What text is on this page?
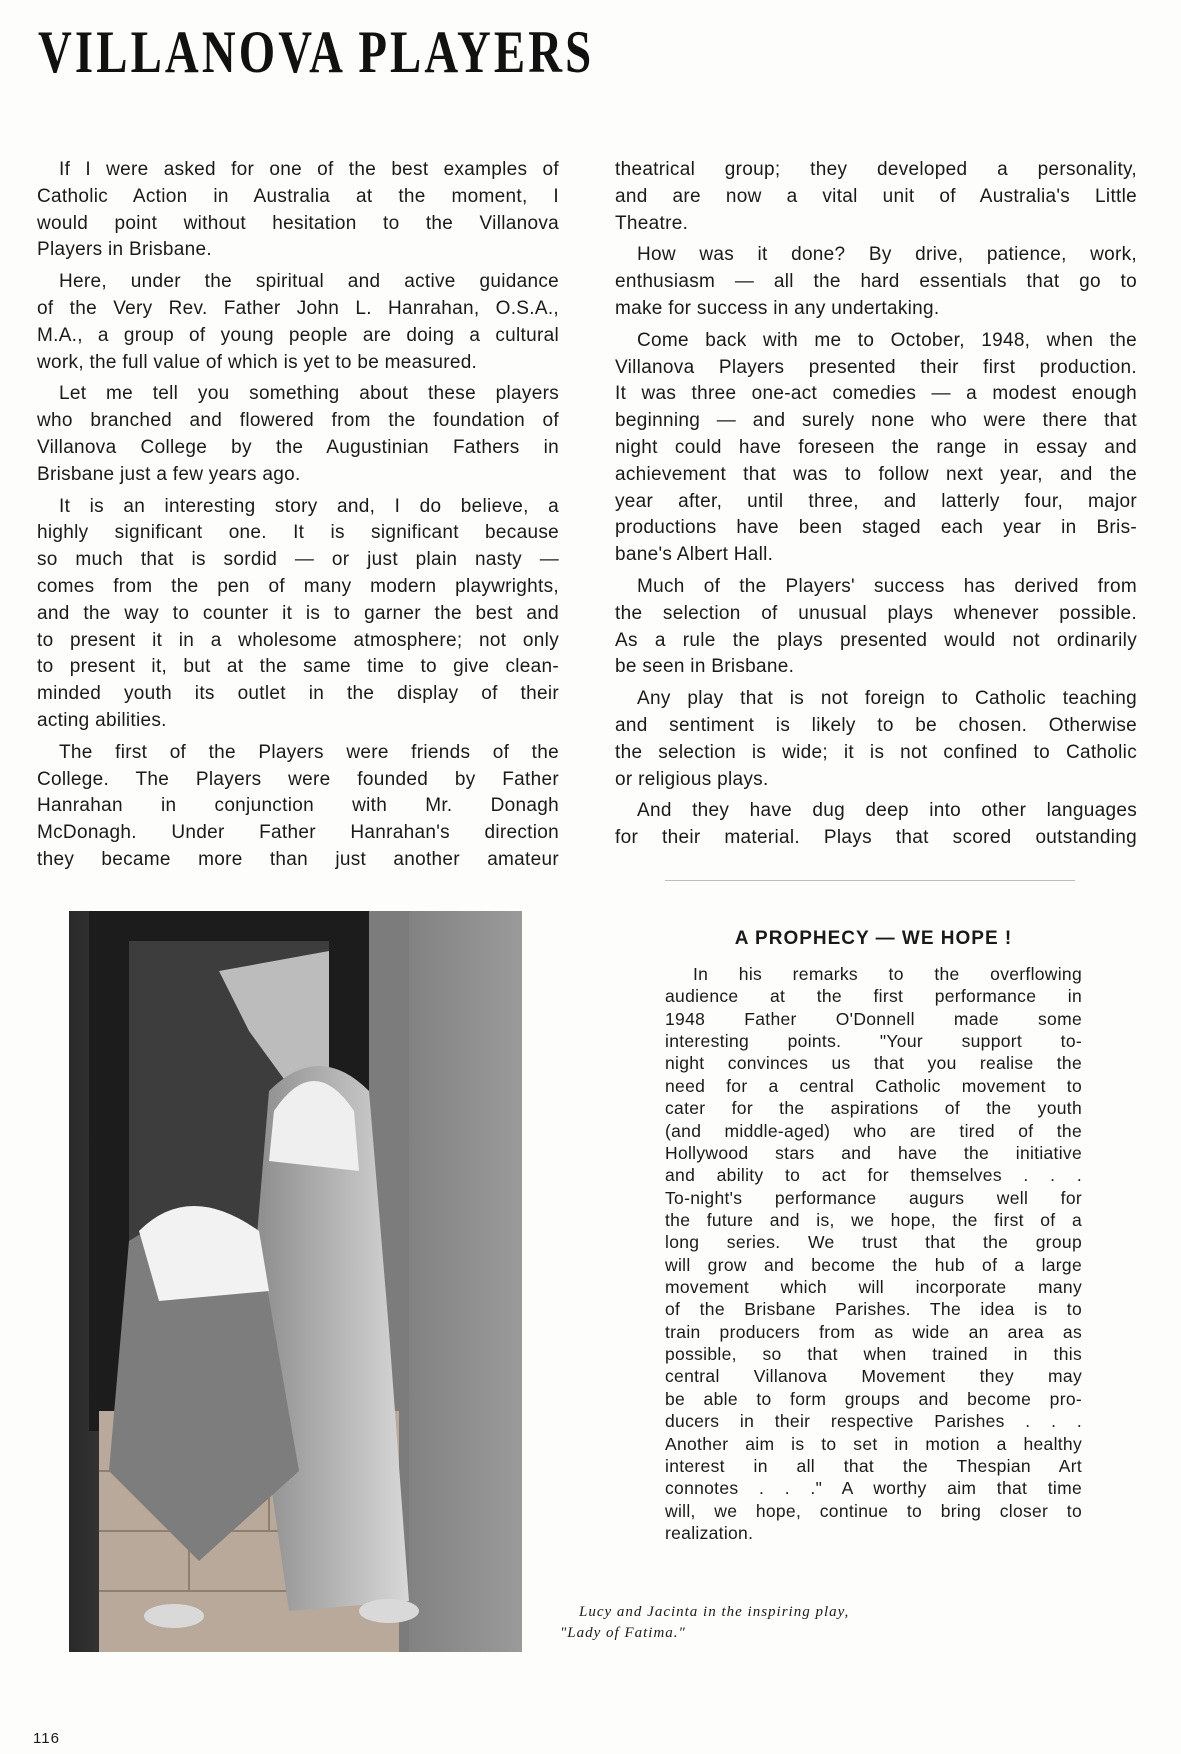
VILLANOVA PLAYERS
If I were asked for one of the best examples of
Catholic Action in Australia at the moment, I
would point without hesitation to the Villanova
Players in Brisbane.
Here, under the spiritual and active guidance
of the Very Rev. Father John L. Hanrahan, O.S.A.,
M.A., a group of young people are doing a cultural
work, the full value of which is yet to be measured.
Let me tell you something about these players
who branched and flowered from the foundation of
Villanova College by the Augustinian Fathers in
Brisbane just a few years ago.
It is an interesting story and, I do believe, a
highly significant one. It is significant because
so much that is sordid — or just plain nasty —
comes from the pen of many modern playwrights,
and the way to counter it is to garner the best and
to present it in a wholesome atmosphere; not only
to present it, but at the same time to give clean-
minded youth its outlet in the display of their
acting abilities.
The first of the Players were friends of the
College. The Players were founded by Father
Hanrahan in conjunction with Mr. Donagh
McDonagh. Under Father Hanrahan's direction
they became more than just another amateur
theatrical group; they developed a personality,
and are now a vital unit of Australia's Little
Theatre.
How was it done? By drive, patience, work,
enthusiasm — all the hard essentials that go to
make for success in any undertaking.
Come back with me to October, 1948, when the
Villanova Players presented their first production.
It was three one-act comedies — a modest enough
beginning — and surely none who were there that
night could have foreseen the range in essay and
achievement that was to follow next year, and the
year after, until three, and latterly four, major
productions have been staged each year in Bris-
bane's Albert Hall.
Much of the Players' success has derived from
the selection of unusual plays whenever possible.
As a rule the plays presented would not ordinarily
be seen in Brisbane.
Any play that is not foreign to Catholic teaching
and sentiment is likely to be chosen. Otherwise
the selection is wide; it is not confined to Catholic
or religious plays.
And they have dug deep into other languages
for their material. Plays that scored outstanding
A PROPHECY — WE HOPE !
In his remarks to the overflowing
audience at the first performance in
1948 Father O'Donnell made some
interesting points. "Your support to-
night convinces us that you realise the
need for a central Catholic movement to
cater for the aspirations of the youth
(and middle-aged) who are tired of the
Hollywood stars and have the initiative
and ability to act for themselves . . .
To-night's performance augurs well for
the future and is, we hope, the first of a
long series. We trust that the group
will grow and become the hub of a large
movement which will incorporate many
of the Brisbane Parishes. The idea is to
train producers from as wide an area as
possible, so that when trained in this
central Villanova Movement they may
be able to form groups and become pro-
ducers in their respective Parishes . . .
Another aim is to set in motion a healthy
interest in all that the Thespian Art
connotes . . ." A worthy aim that time
will, we hope, continue to bring closer to
realization.
Lucy and Jacinta in the inspiring play,
"Lady of Fatima."
116
